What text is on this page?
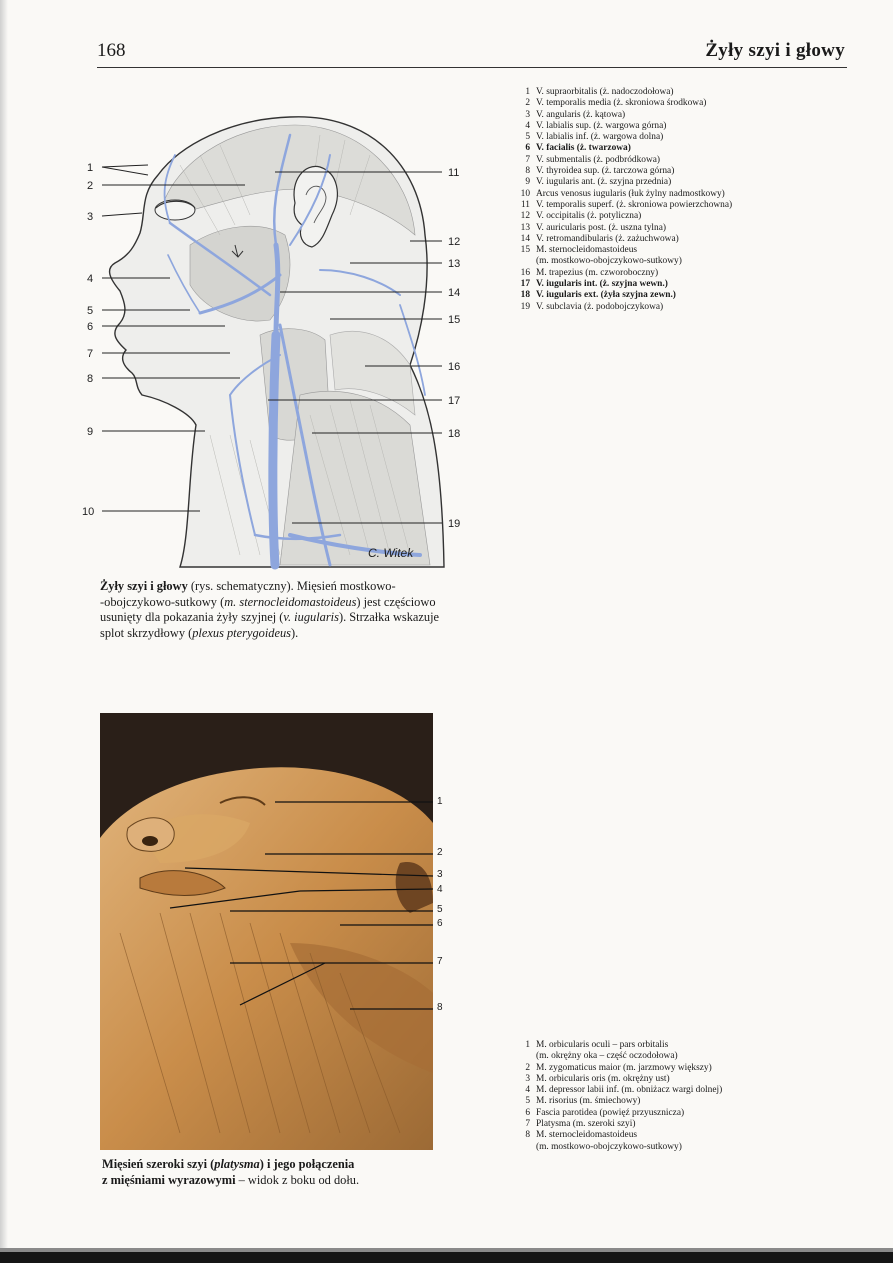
168	Żyły szyi i głowy
C. Witek
1
2
3
4
5
6
7
8
9
10
11
12
13
14
15
16
17
18
19
1 V. supraorbitalis (ż. nadoczodołowa)
2 V. temporalis media (ż. skroniowa środkowa)
3 V. angularis (ż. kątowa)
4 V. labialis sup. (ż. wargowa górna)
5 V. labialis inf. (ż. wargowa dolna)
6 V. facialis (ż. twarzowa)
7 V. submentalis (ż. podbródkowa)
8 V. thyroidea sup. (ż. tarczowa górna)
9 V. iugularis ant. (ż. szyjna przednia)
10 Arcus venosus iugularis (łuk żylny nadmostkowy)
11 V. temporalis superf. (ż. skroniowa powierzchowna)
12 V. occipitalis (ż. potyliczna)
13 V. auricularis post. (ż. uszna tylna)
14 V. retromandibularis (ż. zażuchwowa)
15 M. sternocleidomastoideus
(m. mostkowo-obojczykowo-sutkowy)
16 M. trapezius (m. czworoboczny)
17 V. iugularis int. (ż. szyjna wewn.)
18 V. iugularis ext. (żyła szyjna zewn.)
19 V. subclavia (ż. podobojczykowa)
Żyły szyi i głowy (rys. schematyczny). Mięsień mostkowo-
-obojczykowo-sutkowy (m. sternocleidomastoideus) jest częściowo
usunięty dla pokazania żyły szyjnej (v. iugularis). Strzałka wskazuje
splot skrzydłowy (plexus pterygoideus).
1
2
3
4
5
6
7
8
Mięsień szeroki szyi (platysma) i jego połączenia
z mięśniami wyrazowymi – widok z boku od dołu.
1 M. orbicularis oculi – pars orbitalis
(m. okrężny oka – część oczodołowa)
2 M. zygomaticus maior (m. jarzmowy większy)
3 M. orbicularis oris (m. okrężny ust)
4 M. depressor labii inf. (m. obniżacz wargi dolnej)
5 M. risorius (m. śmiechowy)
6 Fascia parotidea (powięź przyusznicza)
7 Platysma (m. szeroki szyi)
8 M. sternocleidomastoideus
(m. mostkowo-obojczykowo-sutkowy)
